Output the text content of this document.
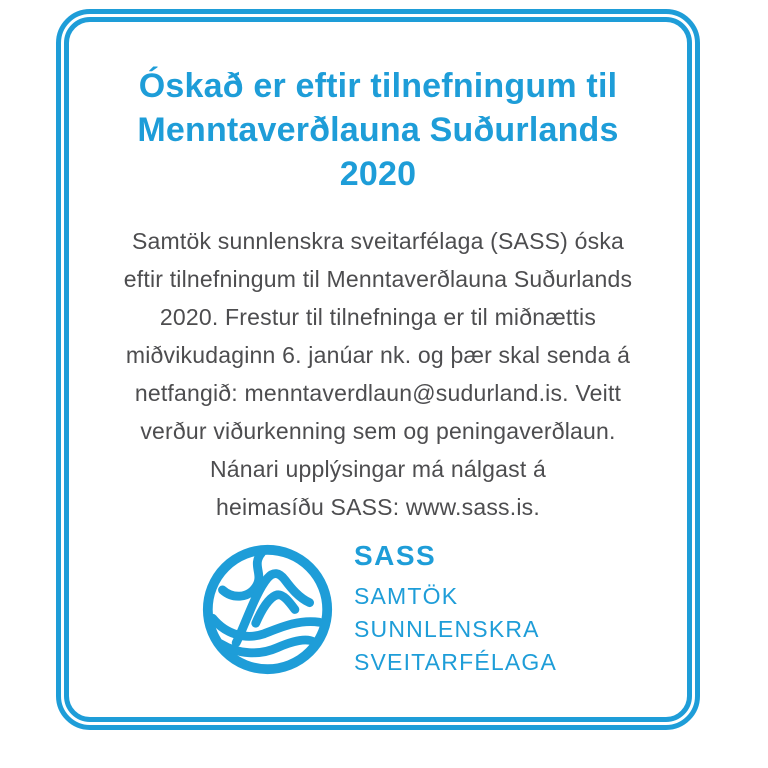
Óskað er eftir tilnefningum til
Menntaverðlauna Suðurlands
2020
Samtök sunnlenskra sveitarfélaga (SASS) óska
eftir tilnefningum til Menntaverðlauna Suðurlands
2020. Frestur til tilnefninga er til miðnættis
miðvikudaginn 6. janúar nk. og þær skal senda á
netfangið: menntaverdlaun@sudurland.is. Veitt
verður viðurkenning sem og peningaverðlaun.
Nánari upplýsingar má nálgast á
heimasíðu SASS: www.sass.is.
SASS
SAMTÖK
SUNNLENSKRA
SVEITARFÉLAGA
